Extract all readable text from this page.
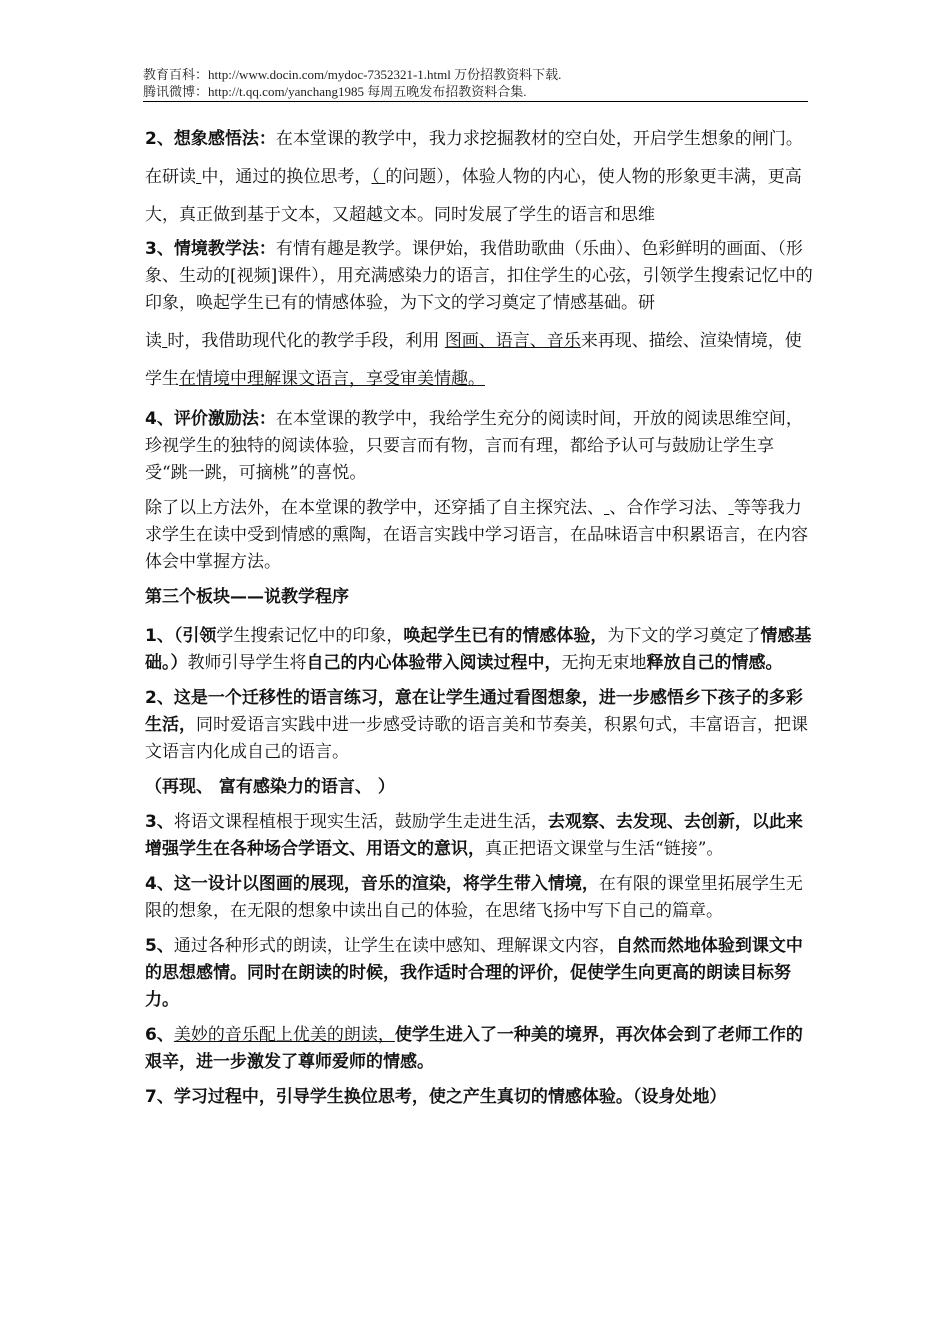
教育百科：http://www.docin.com/mydoc-7352321-1.html 万份招教资料下载.
腾讯微博：http://t.qq.com/yanchang1985 每周五晚发布招教资料合集.

2、想象感悟法：在本堂课的教学中，我力求挖掘教材的空白处，开启学生想象的闸门。在研读 中，通过的换位思考，（ 的问题），体验人物的内心，使人物的形象更丰满，更高大，真正做到基于文本，又超越文本。同时发展了学生的语言和思维

3、情境教学法：有情有趣是教学。课伊始，我借助歌曲（乐曲）、色彩鲜明的画面、（形象、生动的[视频]课件），用充满感染力的语言，扣住学生的心弦，引领学生搜索记忆中的印象，唤起学生已有的情感体验，为下文的学习奠定了情感基础。研
读 时，我借助现代化的教学手段，利用 图画、语言、音乐来再现、描绘、渲染情境，使学生在情境中理解课文语言，享受审美情趣。

4、评价激励法：在本堂课的教学中，我给学生充分的阅读时间，开放的阅读思维空间，珍视学生的独特的阅读体验，只要言而有物，言而有理，都给予认可与鼓励让学生享受“跳一跳，可摘桃”的喜悦。

除了以上方法外，在本堂课的教学中，还穿插了自主探究法、 、合作学习法、 等等我力求学生在读中受到情感的熏陶，在语言实践中学习语言，在品味语言中积累语言，在内容体会中掌握方法。

第三个板块——说教学程序

1、（引领学生搜索记忆中的印象，唤起学生已有的情感体验，为下文的学习奠定了情感基础。）教师引导学生将自己的内心体验带入阅读过程中，无拘无束地释放自己的情感。

2、这是一个迁移性的语言练习，意在让学生通过看图想象，进一步感悟乡下孩子的多彩生活，同时爱语言实践中进一步感受诗歌的语言美和节奏美，积累句式，丰富语言，把课文语言内化成自己的语言。

（再现、 富有感染力的语言、 ）

3、将语文课程植根于现实生活，鼓励学生走进生活，去观察、去发现、去创新，以此来增强学生在各种场合学语文、用语文的意识，真正把语文课堂与生活“链接”。

4、这一设计以图画的展现，音乐的渲染，将学生带入情境，在有限的课堂里拓展学生无限的想象，在无限的想象中读出自己的体验，在思绪飞扬中写下自己的篇章。

5、通过各种形式的朗读，让学生在读中感知、理解课文内容，自然而然地体验到课文中的思想感情。同时在朗读的时候，我作适时合理的评价，促使学生向更高的朗读目标努力。

6、美妙的音乐配上优美的朗读，使学生进入了一种美的境界，再次体会到了老师工作的艰辛，进一步激发了尊师爱师的情感。

7、学习过程中，引导学生换位思考，使之产生真切的情感体验。（设身处地）
